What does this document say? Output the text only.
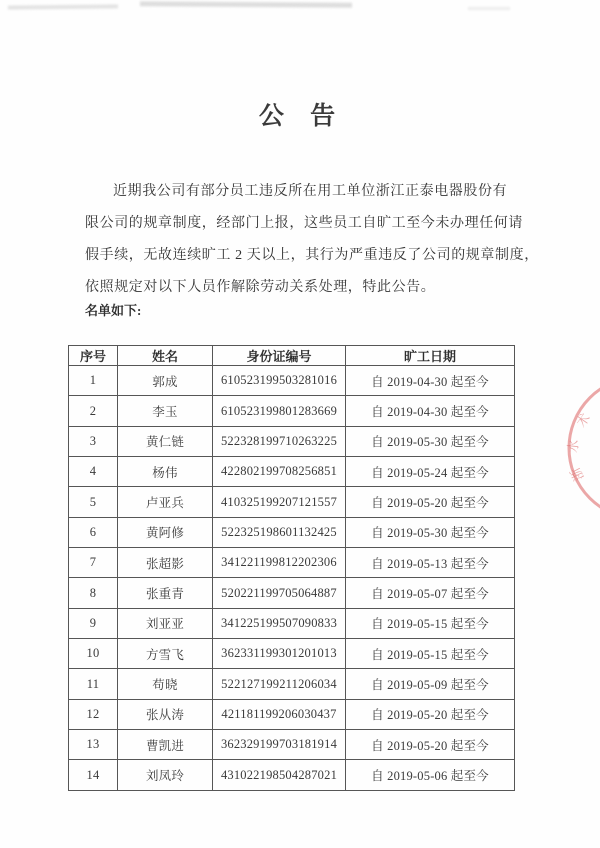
公 告
近期我公司有部分员工违反所在用工单位浙江正泰电器股份有
限公司的规章制度，经部门上报，这些员工自旷工至今未办理任何请
假手续，无故连续旷工 2 天以上，其行为严重违反了公司的规章制度，
依照规定对以下人员作解除劳动关系处理，特此公告。
名单如下:
序号	姓名	身份证编号	旷工日期
1	郭成	610523199503281016	自 2019-04-30 起至今
2	李玉	610523199801283669	自 2019-04-30 起至今
3	黄仁链	522328199710263225	自 2019-05-30 起至今
4	杨伟	422802199708256851	自 2019-05-24 起至今
5	卢亚兵	410325199207121557	自 2019-05-20 起至今
6	黄阿修	522325198601132425	自 2019-05-30 起至今
7	张超影	341221199812202306	自 2019-05-13 起至今
8	张重青	520221199705064887	自 2019-05-07 起至今
9	刘亚亚	341225199507090833	自 2019-05-15 起至今
10	方雪飞	362331199301201013	自 2019-05-15 起至今
11	苟晓	522127199211206034	自 2019-05-09 起至今
12	张从涛	421181199206030437	自 2019-05-20 起至今
13	曹凯进	362329199703181914	自 2019-05-20 起至今
14	刘凤玲	431022198504287021	自 2019-05-06 起至今
术
水
浙
